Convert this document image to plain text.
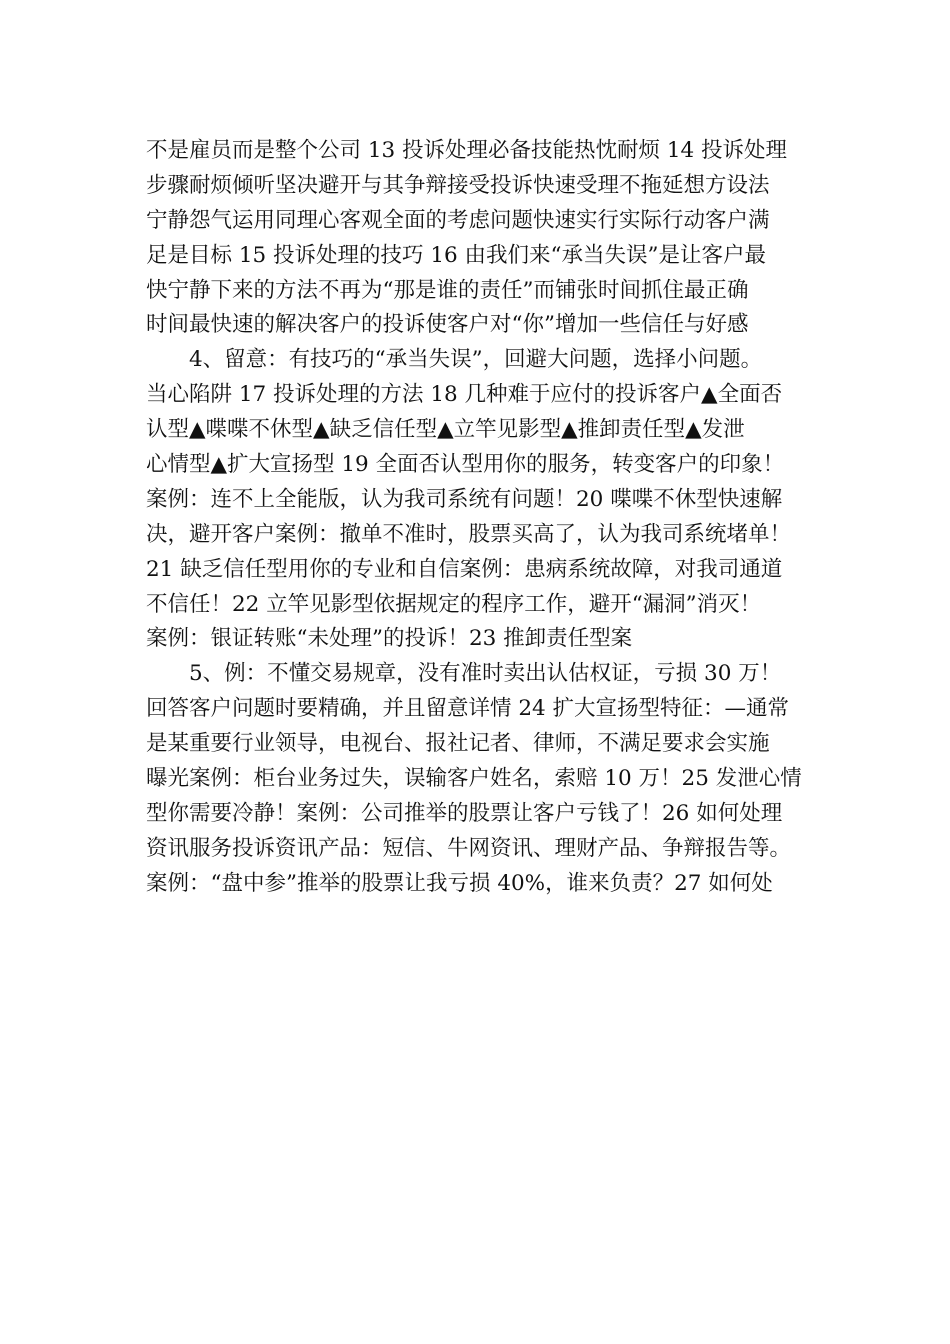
不是雇员而是整个公司 13 投诉处理必备技能热忱耐烦 14 投诉处理
步骤耐烦倾听坚决避开与其争辩接受投诉快速受理不拖延想方设法
宁静怨气运用同理心客观全面的考虑问题快速实行实际行动客户满
足是目标 15 投诉处理的技巧 16 由我们来“承当失误”是让客户最
快宁静下来的方法不再为“那是谁的责任”而铺张时间抓住最正确
时间最快速的解决客户的投诉使客户对“你”增加一些信任与好感
4、留意：有技巧的“承当失误”，回避大问题，选择小问题。
当心陷阱 17 投诉处理的方法 18 几种难于应付的投诉客户▲全面否
认型▲喋喋不休型▲缺乏信任型▲立竿见影型▲推卸责任型▲发泄
心情型▲扩大宣扬型 19 全面否认型用你的服务，转变客户的印象！
案例：连不上全能版，认为我司系统有问题！20 喋喋不休型快速解
决，避开客户案例：撤单不准时，股票买高了，认为我司系统堵单！
21 缺乏信任型用你的专业和自信案例：患病系统故障，对我司通道
不信任！22 立竿见影型依据规定的程序工作，避开“漏洞”消灭！
案例：银证转账“未处理”的投诉！23 推卸责任型案
5、例：不懂交易规章，没有准时卖出认估权证，亏损 30 万！
回答客户问题时要精确，并且留意详情 24 扩大宣扬型特征：—通常
是某重要行业领导，电视台、报社记者、律师，不满足要求会实施
曝光案例：柜台业务过失，误输客户姓名，索赔 10 万！25 发泄心情
型你需要冷静！案例：公司推举的股票让客户亏钱了！26 如何处理
资讯服务投诉资讯产品：短信、牛网资讯、理财产品、争辩报告等。
案例：“盘中参”推举的股票让我亏损 40%，谁来负责？27 如何处
